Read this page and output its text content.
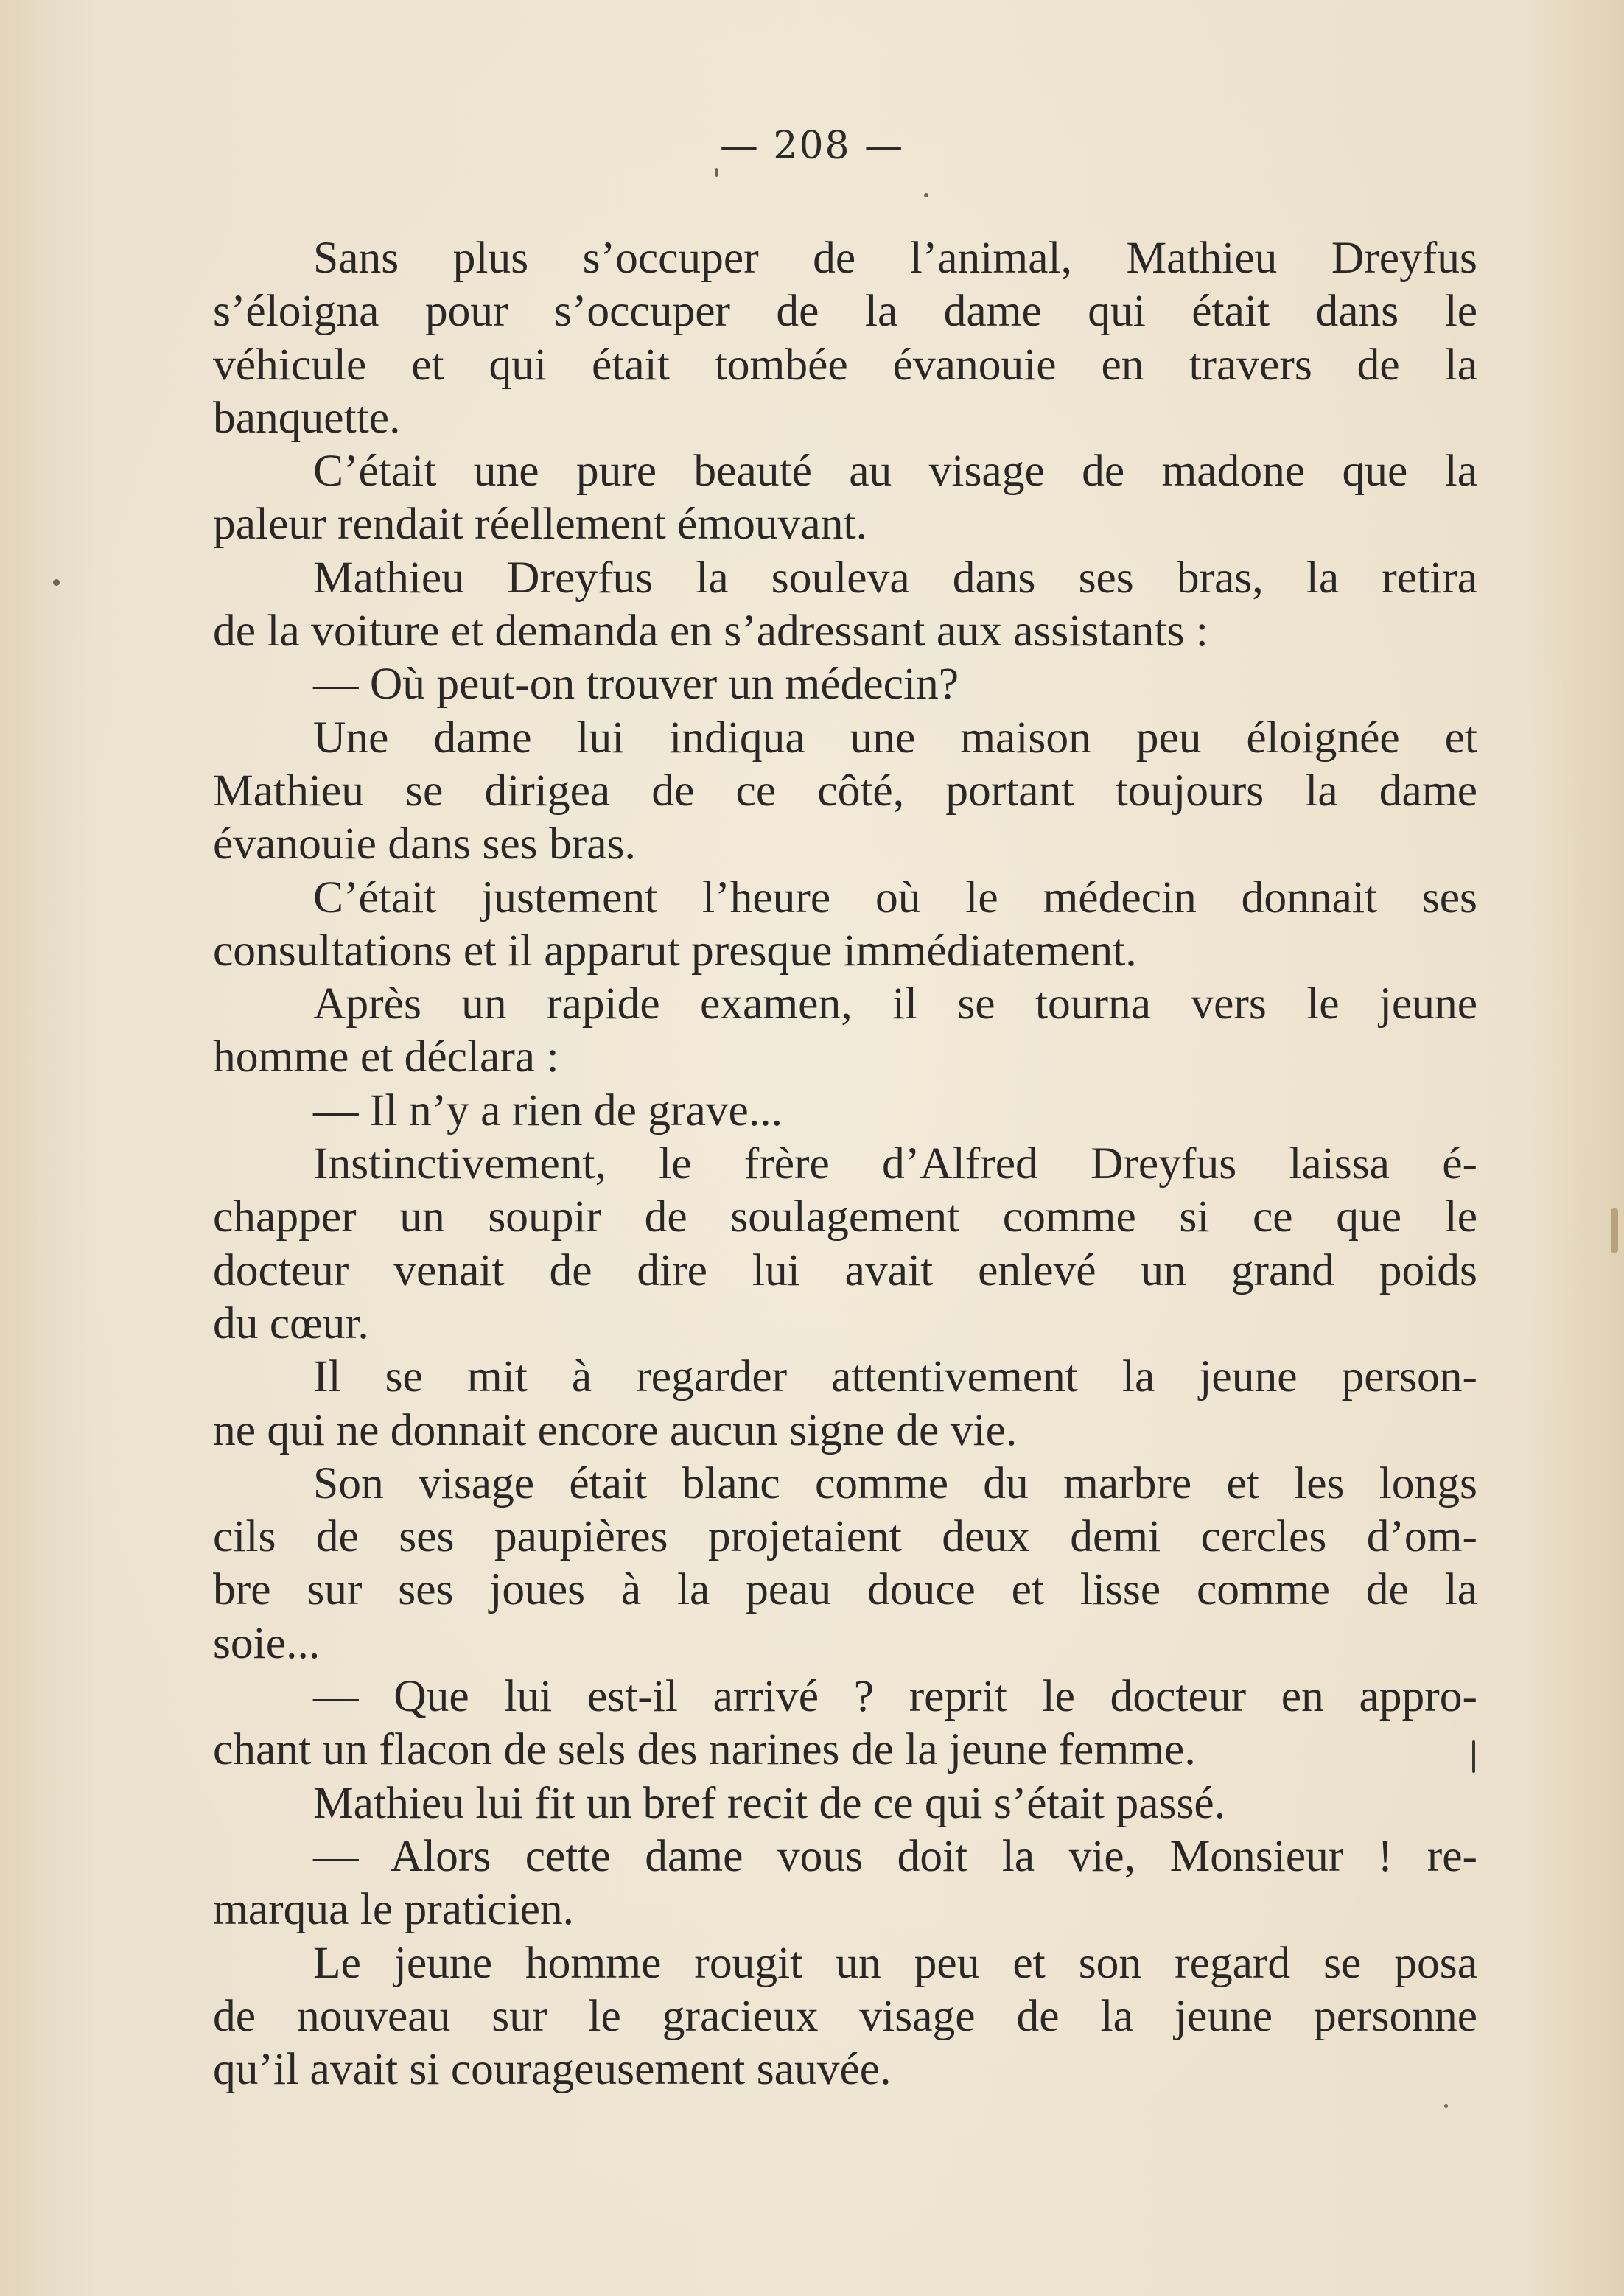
— 208 —
Sans plus s’occuper de l’animal, Mathieu Dreyfus
s’éloigna pour s’occuper de la dame qui était dans le
véhicule et qui était tombée évanouie en travers de la
banquette.
C’était une pure beauté au visage de madone que la
paleur rendait réellement émouvant.
Mathieu Dreyfus la souleva dans ses bras, la retira
de la voiture et demanda en s’adressant aux assistants :
— Où peut-on trouver un médecin?
Une dame lui indiqua une maison peu éloignée et
Mathieu se dirigea de ce côté, portant toujours la dame
évanouie dans ses bras.
C’était justement l’heure où le médecin donnait ses
consultations et il apparut presque immédiatement.
Après un rapide examen, il se tourna vers le jeune
homme et déclara :
— Il n’y a rien de grave...
Instinctivement, le frère d’Alfred Dreyfus laissa é-
chapper un soupir de soulagement comme si ce que le
docteur venait de dire lui avait enlevé un grand poids
du cœur.
Il se mit à regarder attentivement la jeune person-
ne qui ne donnait encore aucun signe de vie.
Son visage était blanc comme du marbre et les longs
cils de ses paupières projetaient deux demi cercles d’om-
bre sur ses joues à la peau douce et lisse comme de la
soie...
— Que lui est-il arrivé ? reprit le docteur en appro-
chant un flacon de sels des narines de la jeune femme.
Mathieu lui fit un bref recit de ce qui s’était passé.
— Alors cette dame vous doit la vie, Monsieur ! re-
marqua le praticien.
Le jeune homme rougit un peu et son regard se posa
de nouveau sur le gracieux visage de la jeune personne
qu’il avait si courageusement sauvée.
